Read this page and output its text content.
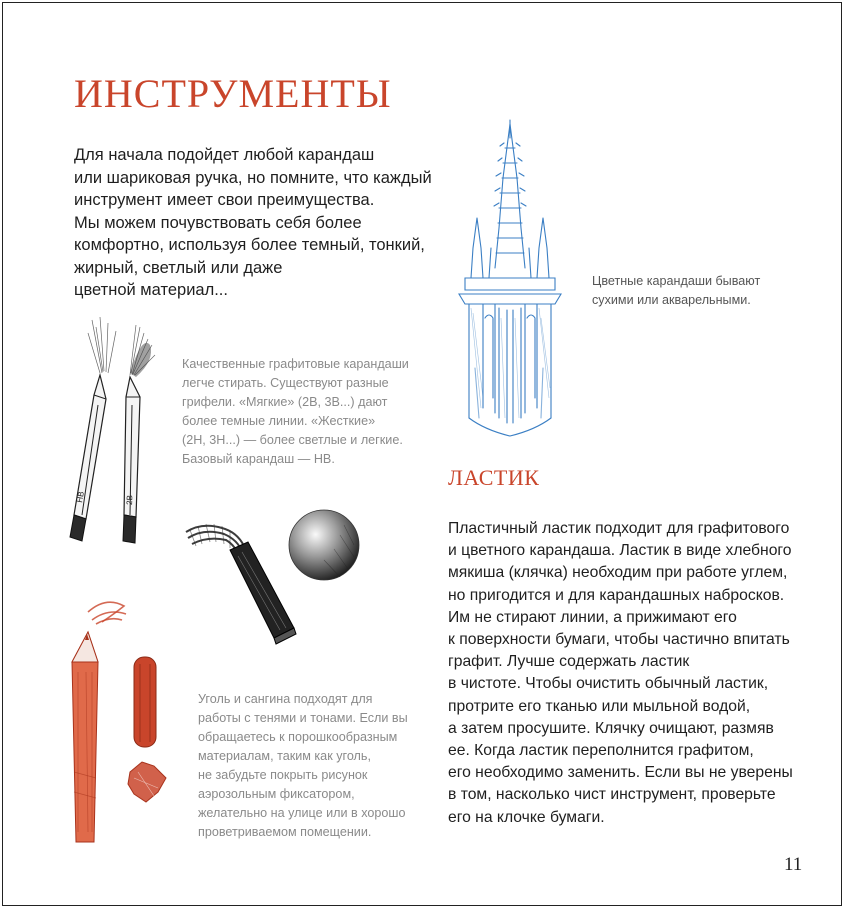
ИНСТРУМЕНТЫ
Для начала подойдет любой карандаш
или шариковая ручка, но помните, что каждый
инструмент имеет свои преимущества.
Мы можем почувствовать себя более
комфортно, используя более темный, тонкий,
жирный, светлый или даже
цветной материал...	Цветные карандаши бывают
сухими или акварельными.
HB	2B
Качественные графитовые карандаши
легче стирать. Существуют разные
грифели. «Мягкие» (2В, 3В...) дают
более темные линии. «Жесткие»
(2Н, 3Н...) — более светлые и легкие.
Базовый карандаш — НВ.
Уголь и сангина подходят для
работы с тенями и тонами. Если вы
обращаетесь к порошкообразным
материалам, таким как уголь,
не забудьте покрыть рисунок
аэрозольным фиксатором,
желательно на улице или в хорошо
проветриваемом помещении.
ЛАСТИК
Пластичный ластик подходит для графитового
и цветного карандаша. Ластик в виде хлебного
мякиша (клячка) необходим при работе углем,
но пригодится и для карандашных набросков.
Им не стирают линии, а прижимают его
к поверхности бумаги, чтобы частично впитать
графит. Лучше содержать ластик
в чистоте. Чтобы очистить обычный ластик,
протрите его тканью или мыльной водой,
а затем просушите. Клячку очищают, размяв
ее. Когда ластик переполнится графитом,
его необходимо заменить. Если вы не уверены
в том, насколько чист инструмент, проверьте
его на клочке бумаги.
11
